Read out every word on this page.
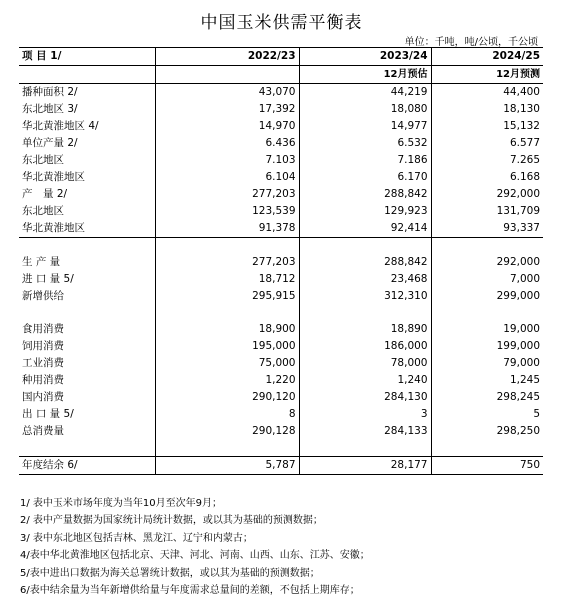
中国玉米供需平衡表
单位：千吨，吨/公顷，千公顷
项 目 1/	2022/23	2023/24	2024/25
		12月预估	12月预测
播种面积 2/	43,070	44,219	44,400
东北地区 3/	17,392	18,080	18,130
华北黄淮地区 4/	14,970	14,977	15,132
单位产量 2/	6.436	6.532	6.577
东北地区	7.103	7.186	7.265
华北黄淮地区	6.104	6.170	6.168
产　量 2/	277,203	288,842	292,000
东北地区	123,539	129,923	131,709
华北黄淮地区	91,378	92,414	93,337

生 产 量	277,203	288,842	292,000
进 口 量 5/	18,712	23,468	7,000
新增供给	295,915	312,310	299,000

食用消费	18,900	18,890	19,000
饲用消费	195,000	186,000	199,000
工业消费	75,000	78,000	79,000
种用消费	1,220	1,240	1,245
国内消费	290,120	284,130	298,245
出 口 量 5/	8	3	5
总消费量	290,128	284,133	298,250

年度结余 6/	5,787	28,177	750
1/ 表中玉米市场年度为当年10月至次年9月；
2/ 表中产量数据为国家统计局统计数据，或以其为基础的预测数据；
3/ 表中东北地区包括吉林、黑龙江、辽宁和内蒙古；
4/表中华北黄淮地区包括北京、天津、河北、河南、山西、山东、江苏、安徽；
5/表中进出口数据为海关总署统计数据，或以其为基础的预测数据；
6/表中结余量为当年新增供给量与年度需求总量间的差额，不包括上期库存；
